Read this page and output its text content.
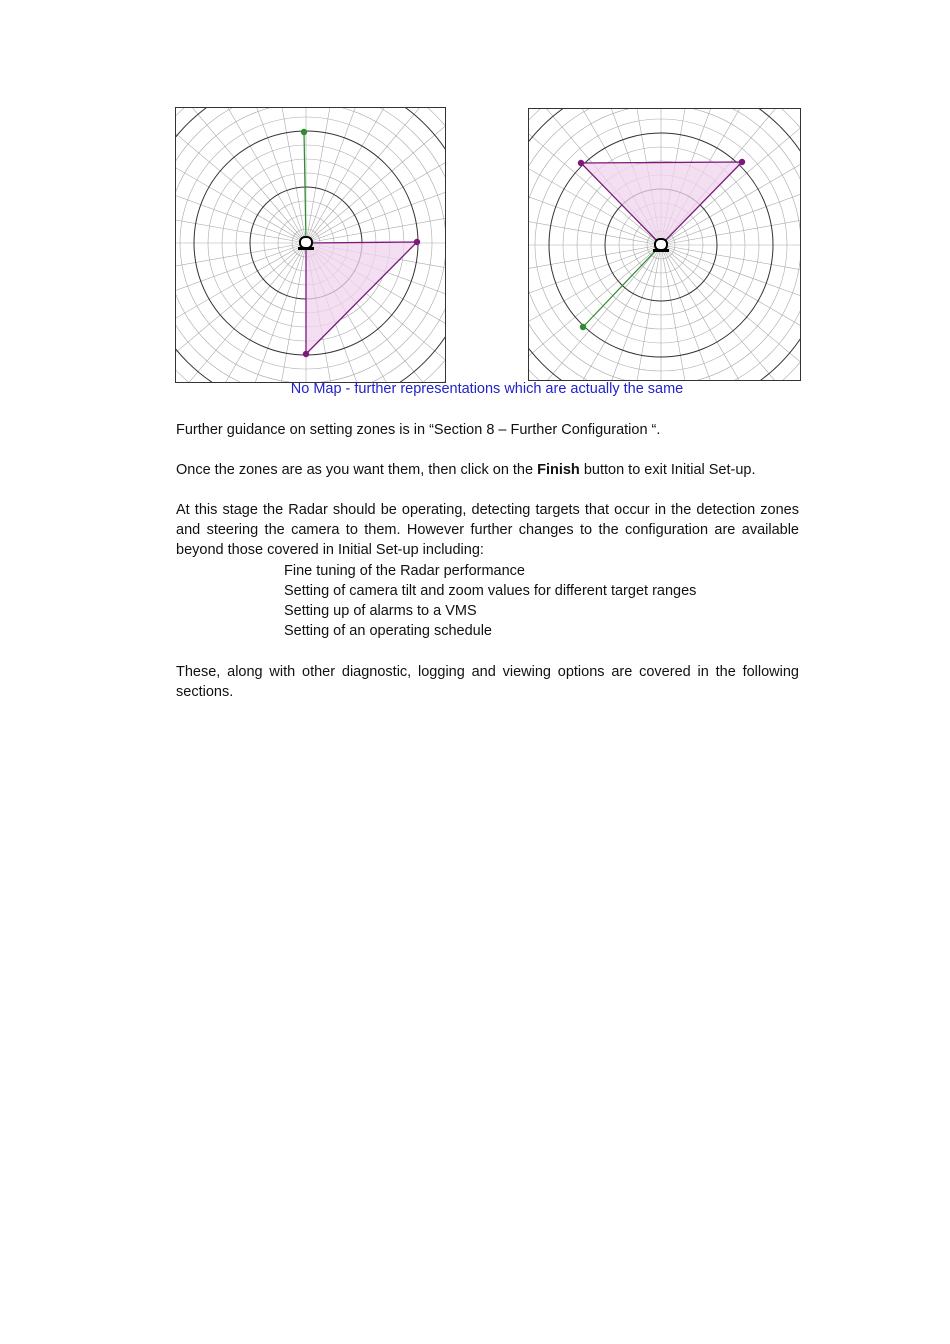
No Map - further representations which are actually the same

Further guidance on setting zones is in “Section 8 – Further Configuration “.

Once the zones are as you want them, then click on the Finish button to exit Initial Set-up.

At this stage the Radar should be operating, detecting targets that occur in the detection zones and steering the camera to them. However further changes to the configuration are available beyond those covered in Initial Set-up including:

Fine tuning of the Radar performance
Setting of camera tilt and zoom values for different target ranges
Setting up of alarms to a VMS
Setting of an operating schedule

These, along with other diagnostic, logging and viewing options are covered in the following sections.
